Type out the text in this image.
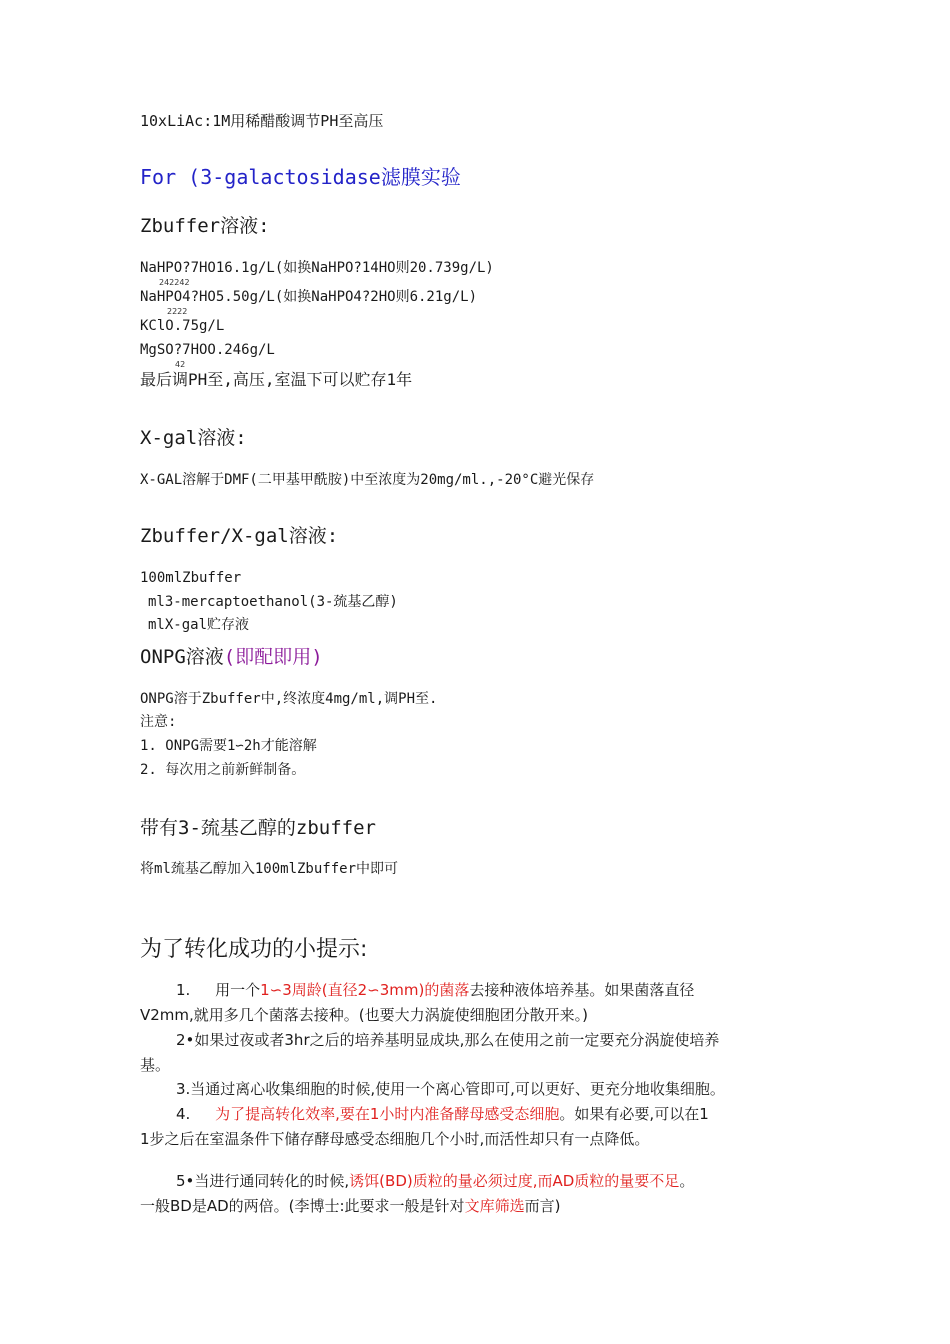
10xLiAc:1M用稀醋酸调节PH至高压
For (3-galactosidase滤膜实验
Zbuffer溶液:
NaHPO?7HO16.1g/L(如换NaHPO?14HO则20.739g/L)
242242
NaHPO4?HO5.50g/L(如换NaHPO4?2HO则6.21g/L)
2222
KClO.75g/L
MgSO?7HOO.246g/L
42
最后调PH至,高压,室温下可以贮存1年
X-gal溶液:
X-GAL溶解于DMF(二甲基甲酰胺)中至浓度为20mg/ml.,-20°C避光保存
Zbuffer/X-gal溶液:
100mlZbuffer
ml3-mercaptoethanol(3-巯基乙醇)
mlX-gal贮存液
ONPG溶液(即配即用)
ONPG溶于Zbuffer中,终浓度4mg/ml,调PH至.
注意:
1. ONPG需要1∽2h才能溶解
2. 每次用之前新鲜制备。
带有3-巯基乙醇的zbuffer
将ml巯基乙醇加入100mlZbuffer中即可
为了转化成功的小提示:
1. 用一个1∽3周龄(直径2∽3mm)的菌落去接种液体培养基。如果菌落直径
V2mm,就用多几个菌落去接种。(也要大力涡旋使细胞团分散开来。)
2•如果过夜或者3hr之后的培养基明显成块,那么在使用之前一定要充分涡旋使培养
基。
3.当通过离心收集细胞的时候,使用一个离心管即可,可以更好、更充分地收集细胞。
4. 为了提高转化效率,要在1小时内准备酵母感受态细胞。如果有必要,可以在1
1步之后在室温条件下储存酵母感受态细胞几个小时,而活性却只有一点降低。
5•当进行通同转化的时候,诱饵(BD)质粒的量必须过度,而AD质粒的量要不足。
一般BD是AD的两倍。(李博士:此要求一般是针对文库筛选而言)
